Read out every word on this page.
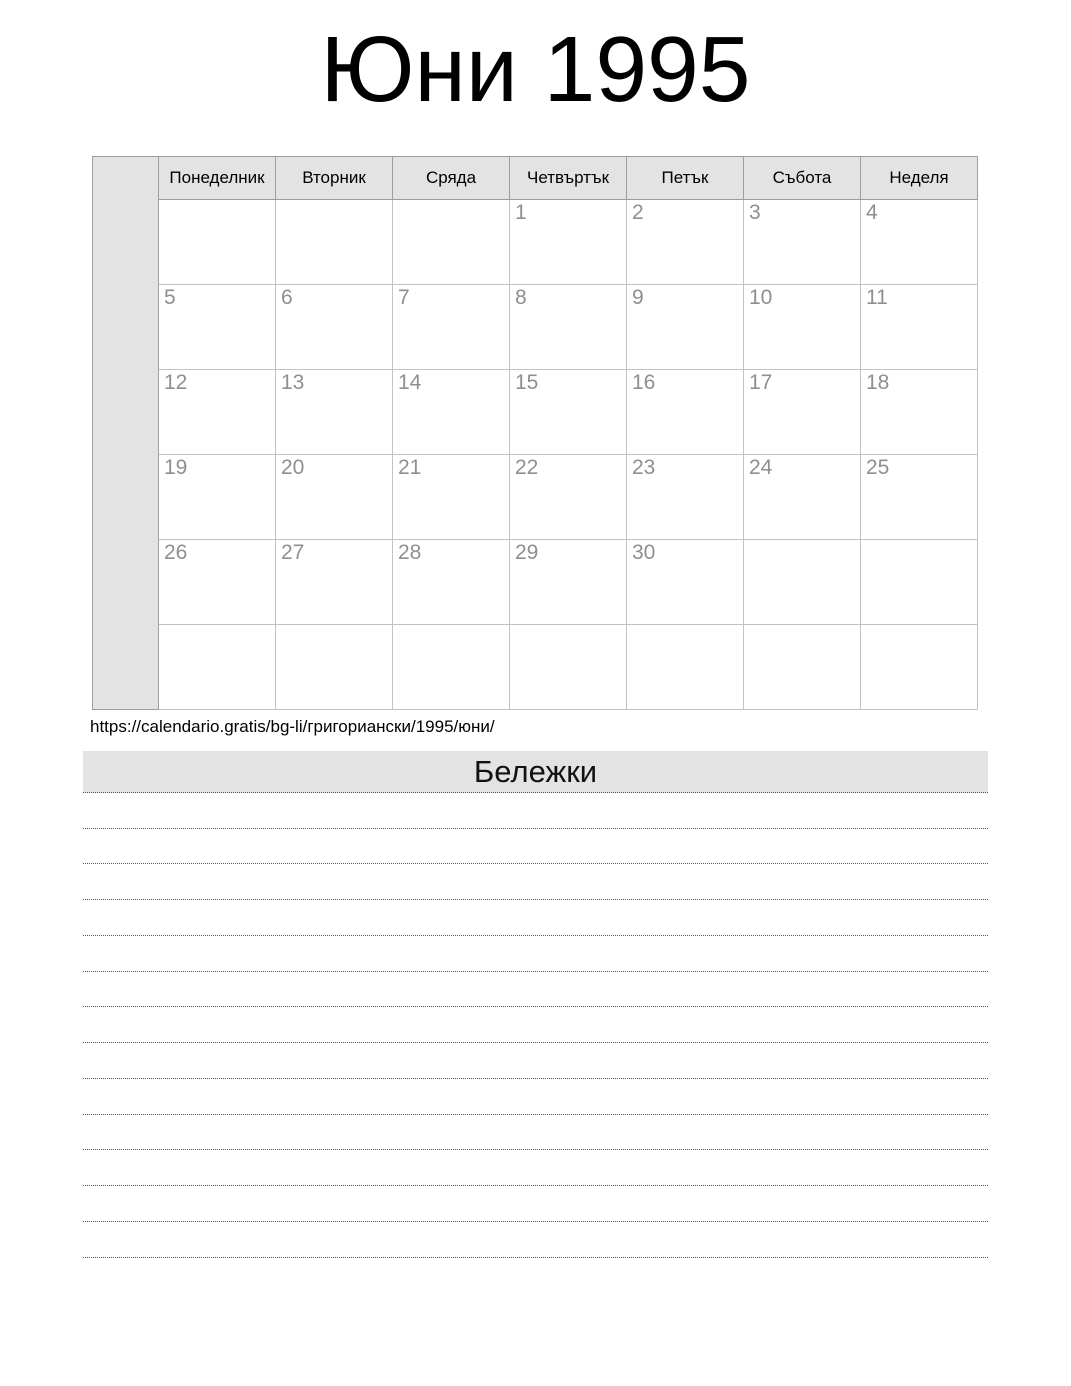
Юни 1995
	Понеделник	Вторник	Сряда	Четвъртък	Петък	Събота	Неделя
				1	2	3	4
	5	6	7	8	9	10	11
	12	13	14	15	16	17	18
	19	20	21	22	23	24	25
	26	27	28	29	30		

https://calendario.gratis/bg-li/григориански/1995/юни/
Бележки
